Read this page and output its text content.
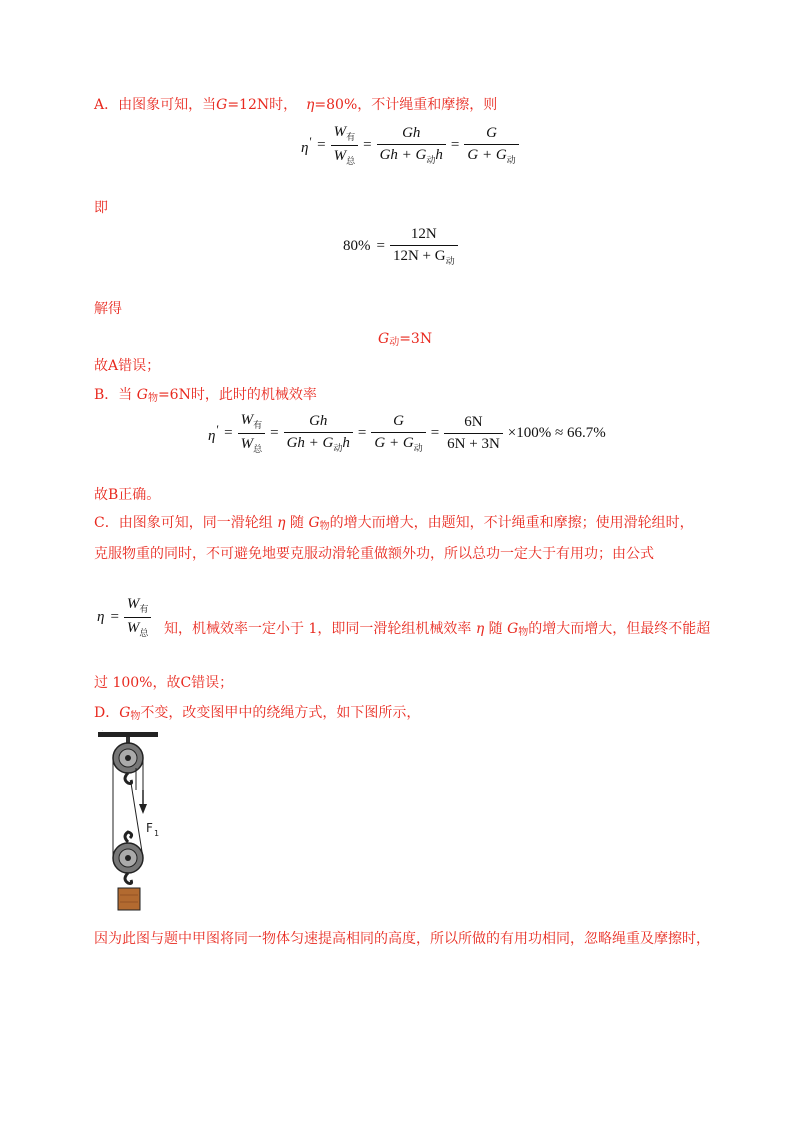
A．由图象可知，当G=12N时， η=80%，不计绳重和摩擦，则
$\eta' = \frac{W_有}{W_总} = \frac{Gh}{Gh + G_动h} = \frac{G}{G + G_动}$
即
$80\% = \frac{12N}{12N + G_动}$
解得
G动=3N
故A错误；
B．当 G物=6N时，此时的机械效率
$\eta' = \frac{W_有}{W_总} = \frac{Gh}{Gh + G_动h} = \frac{G}{G + G_动} = \frac{6N}{6N + 3N} \times 100\% \approx 66.7\%$
故B正确。
C．由图象可知，同一滑轮组 η 随 G物的增大而增大，由题知，不计绳重和摩擦；使用滑轮组时，
克服物重的同时，不可避免地要克服动滑轮重做额外功，所以总功一定大于有用功；由公式
$\eta = \frac{W_有}{W_总}$ 知，机械效率一定小于 1，即同一滑轮组机械效率 η 随 G物的增大而增大，但最终不能超
过 100%，故C错误；
D．G物不变，改变图甲中的绕绳方式，如下图所示，
F 1
因为此图与题中甲图将同一物体匀速提高相同的高度，所以所做的有用功相同，忽略绳重及摩擦时，
